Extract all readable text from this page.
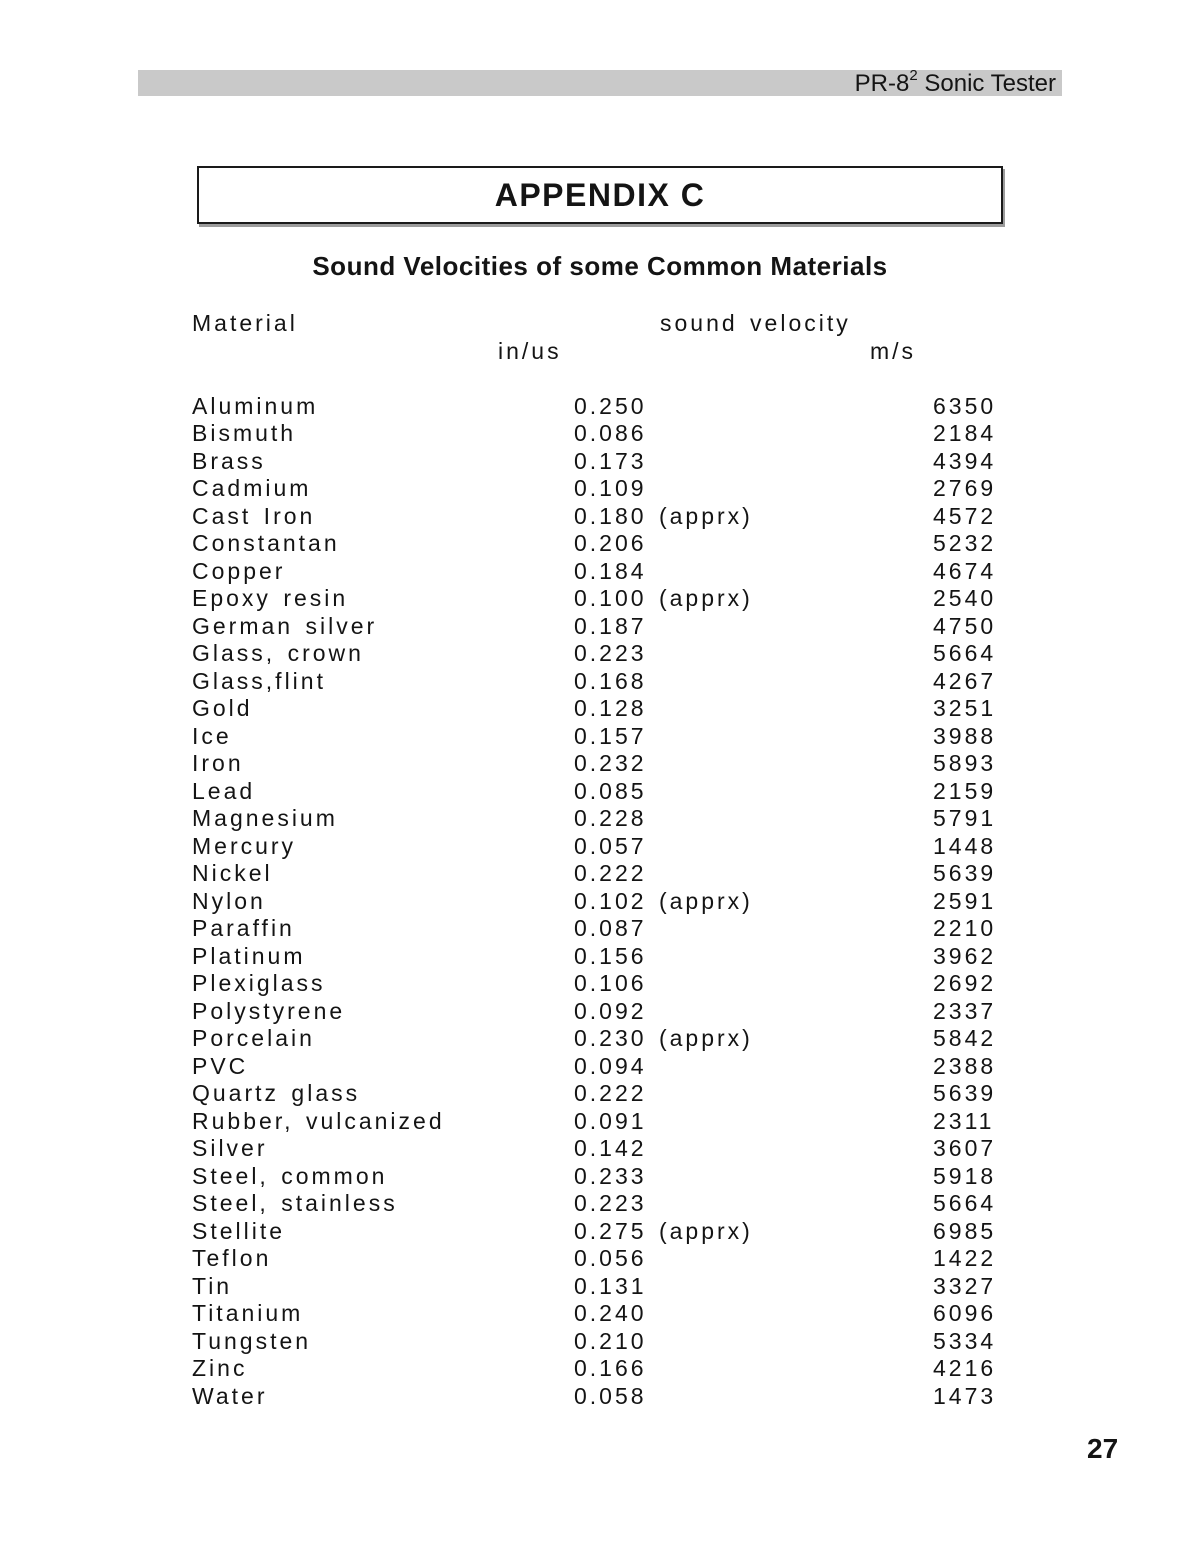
$PR-8^2$ Sonic Tester
APPENDIX C
Sound Velocities of some Common Materials
Material	sound velocity
in/us	m/s
Aluminum	0.250	6350
Bismuth	0.086	2184
Brass	0.173	4394
Cadmium	0.109	2769
Cast Iron	0.180 (apprx)	4572
Constantan	0.206	5232
Copper	0.184	4674
Epoxy resin	0.100 (apprx)	2540
German silver	0.187	4750
Glass, crown	0.223	5664
Glass,flint	0.168	4267
Gold	0.128	3251
Ice	0.157	3988
Iron	0.232	5893
Lead	0.085	2159
Magnesium	0.228	5791
Mercury	0.057	1448
Nickel	0.222	5639
Nylon	0.102 (apprx)	2591
Paraffin	0.087	2210
Platinum	0.156	3962
Plexiglass	0.106	2692
Polystyrene	0.092	2337
Porcelain	0.230 (apprx)	5842
PVC	0.094	2388
Quartz glass	0.222	5639
Rubber, vulcanized	0.091	2311
Silver	0.142	3607
Steel, common	0.233	5918
Steel, stainless	0.223	5664
Stellite	0.275 (apprx)	6985
Teflon	0.056	1422
Tin	0.131	3327
Titanium	0.240	6096
Tungsten	0.210	5334
Zinc	0.166	4216
Water	0.058	1473
27
